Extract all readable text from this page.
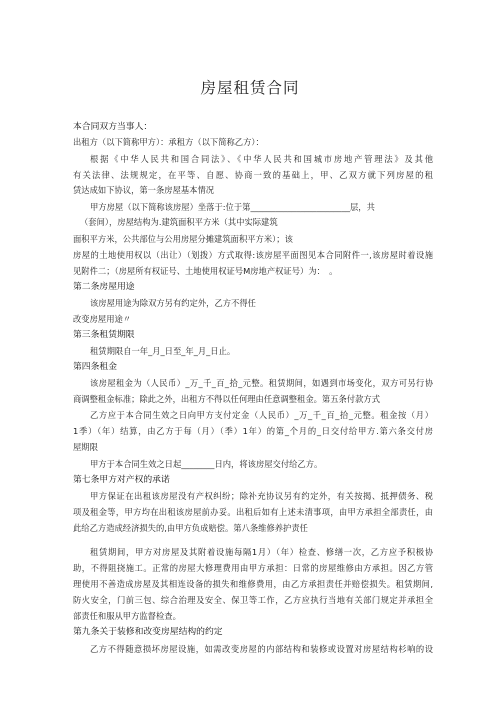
房屋租赁合同
本合同双方当事人：
出租方（以下简称甲方）：承租方（以下简称乙方）：
根据《中华人民共和国合同法》、《中华人民共和国城市房地产管理法》及其他
有关法律、法规规定，在平等、自愿、协商一致的基础上，甲、乙双方就下列房屋的租
赁达成如下协议，第一条房屋基本情况
甲方房屋（以下简称该房屋）坐落于:位于第________________________层，共
（套间），房屋结构为.建筑面积平方米（其中实际建筑
面积平方米，公共部位与公用房屋分摊建筑面积平方米）；该
房屋的土地使用权以（出让）（划拨）方式取得:该房屋平面图见本合同附件一,该房屋时着设施
见附件二；（房屋所有权证号、土地使用权证号M房地产权证号）为：　。
第二条房屋用途
该房屋用途为除双方另有约定外，乙方不得任
改变房屋用途〃
第三条租赁期限
租赁期限自一年_月_日至_年_月_日止。
第四条租金
该房屋租金为（人民币）_万_千_百_拾_元整。租赁期间，如遇到市场变化，双方可另行协
商调整租金标准；除此之外，出租方不得以任何理由任意调整租金。第五条付款方式
乙方应于本合同生效之日向甲方支付定金（人民币）_万_千_百_拾_元整。租金按（月）
1季）（年）结算，由乙方于每（月）（季）1年）的第_个月的_日交付给甲方.第六条交付房
屋期限
甲方于本合同生效之日起________日内，将该房屋交付给乙方。
第七条甲方对产权的承诺
甲方保证在出租该房屋没有产权纠纷；除补充协议另有约定外，有关按揭、抵押债务、税
项及租金等，甲方均在出租该房屋前办妥。出租后如有上述未清事项，由甲方承担全部责任，由
此给乙方造成经济损失的,由甲方负成赔偿。第八条维修养护责任
租赁期间，甲方对房屋及其附着设施每隔1月）（年）检查、修缮一次，乙方应予积极协
助，不得阻挠施工。正常的房屋大修理费用由甲方承担：日常的房屋维修由方承担。因乙方管
理使用不善造成房屋及其相连设备的损失和维修费用，由乙方承担责任并赔偿损失。租赁期间,
防火安全，门前三包、综合治理及安全、保卫等工作，乙方应执行当地有关部门规定并承担全
部责任和服从甲方监督检查。
第九条关于装修和改变房屋结构的约定
乙方不得随意损坏房屋设施，如需改变房屋的内部结构和装修或设置对房屋结构杉响的设
